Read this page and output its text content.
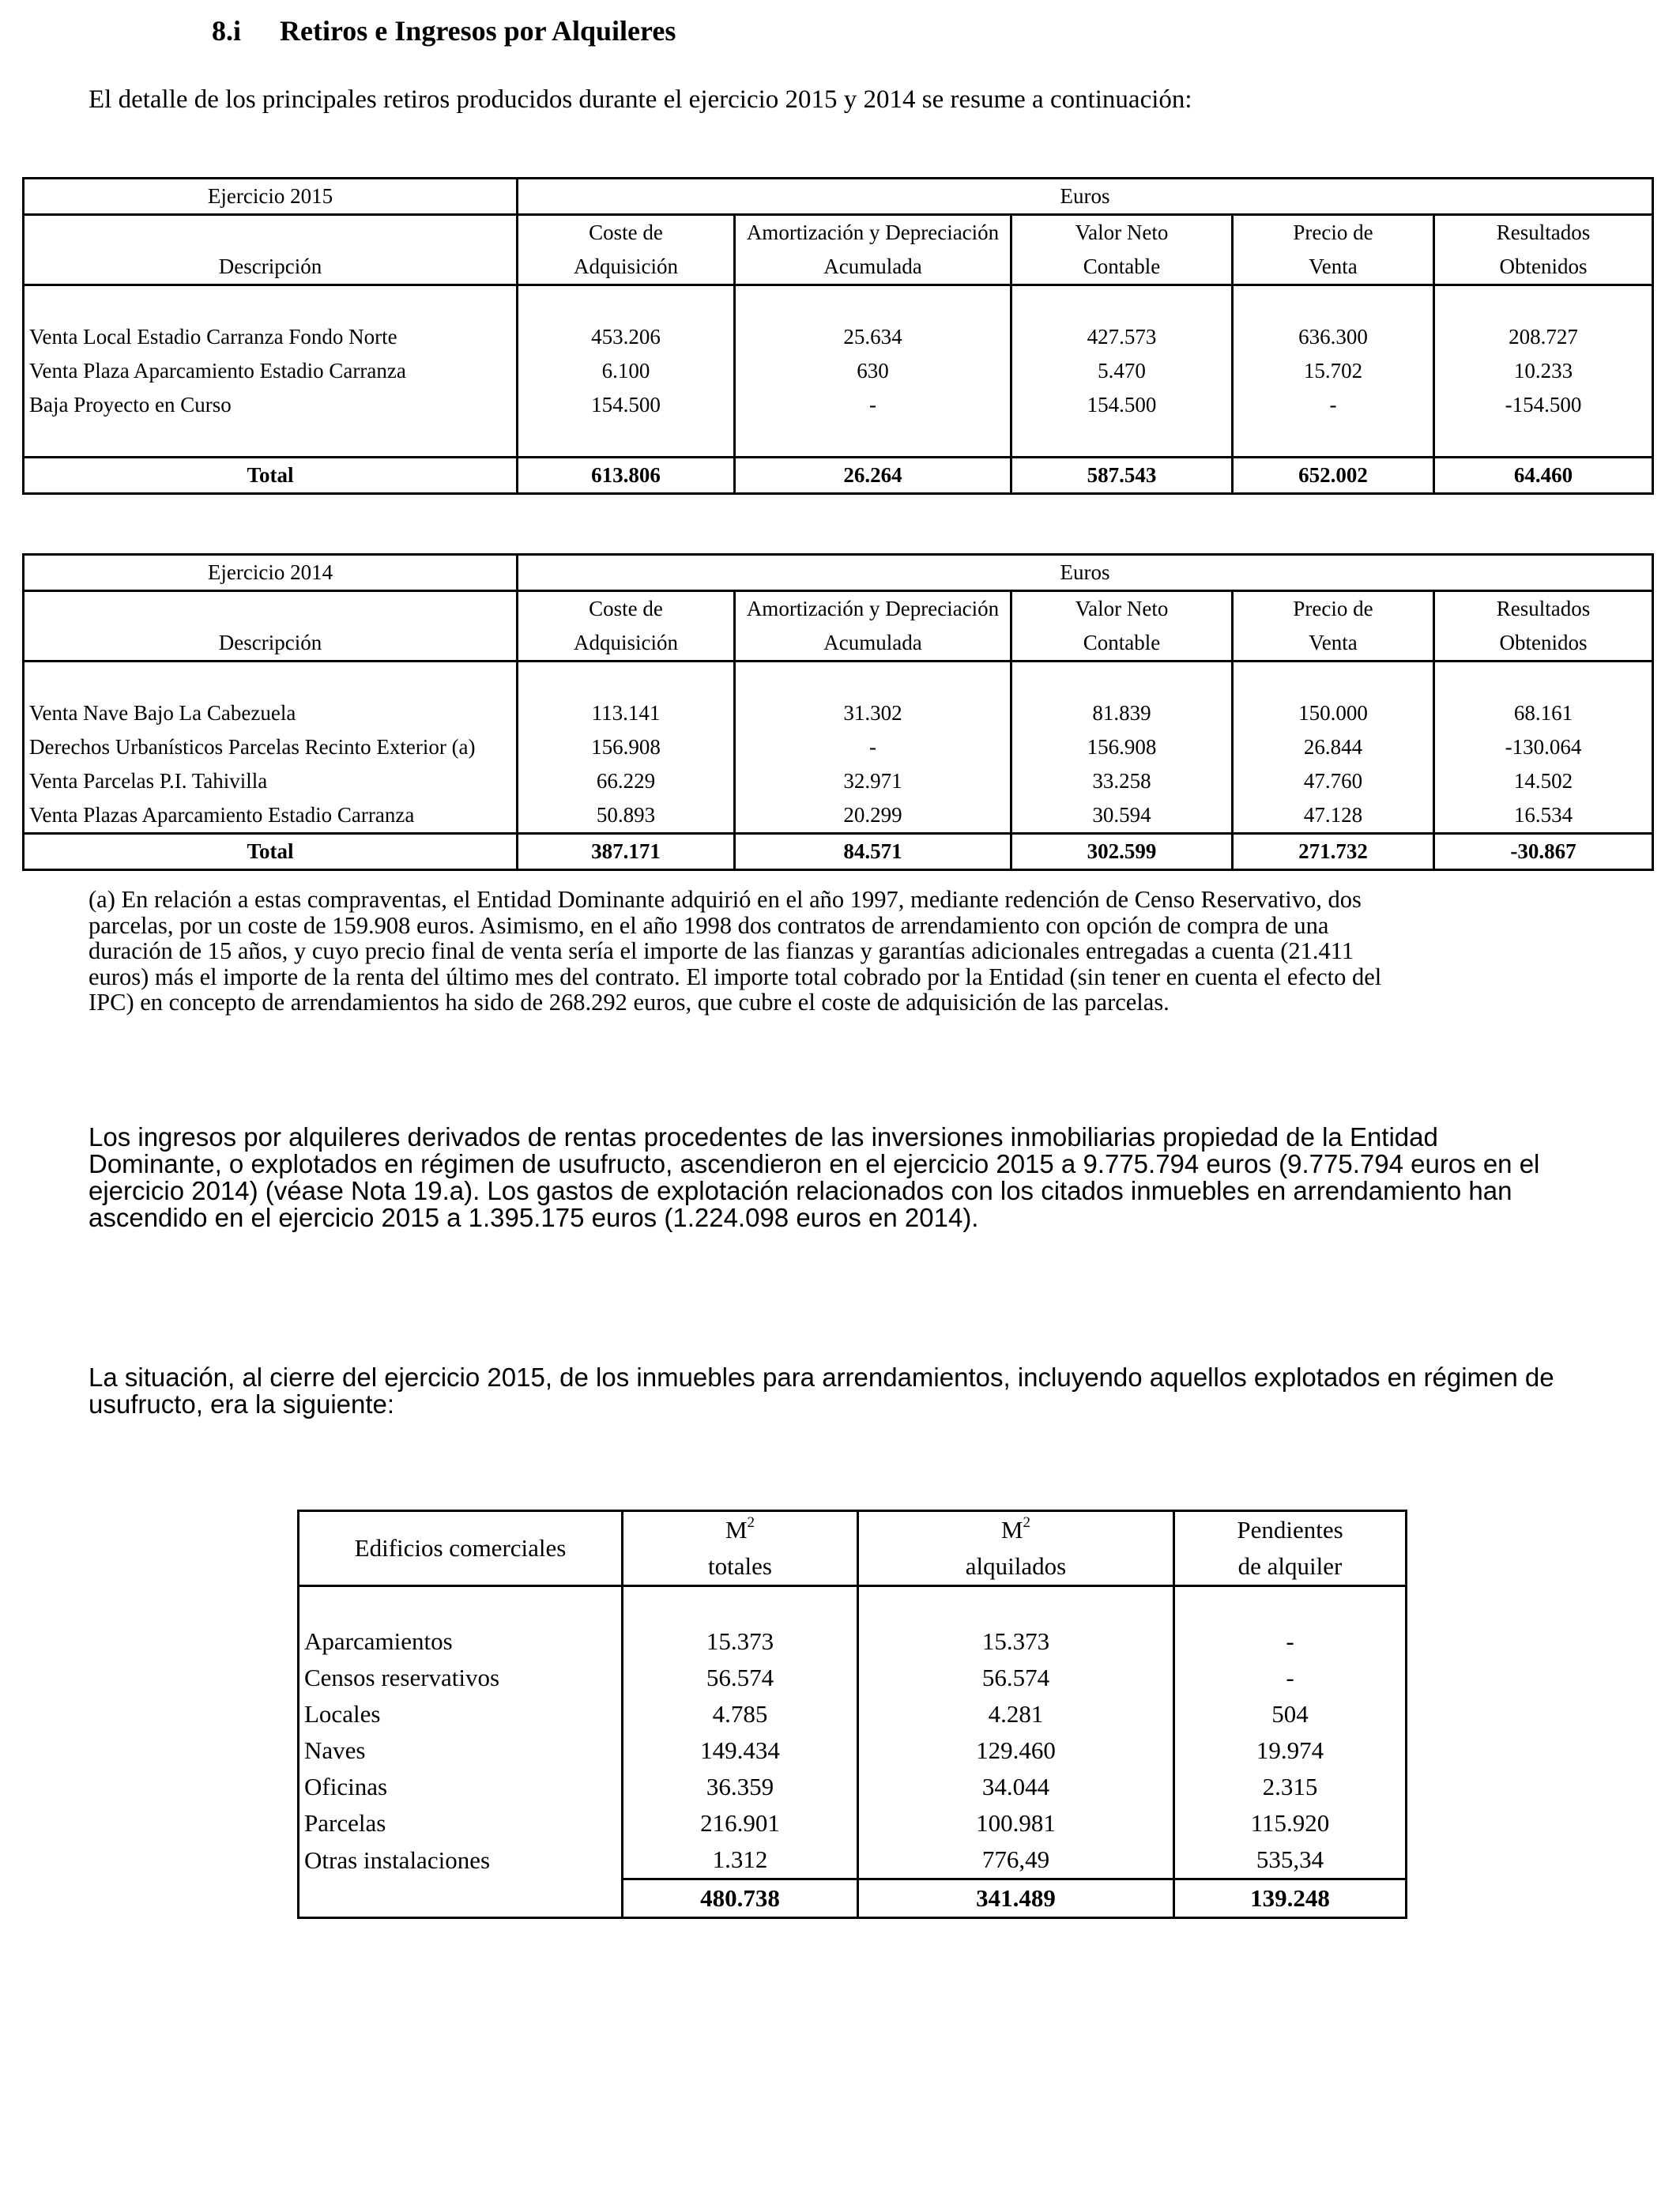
8.i Retiros e Ingresos por Alquileres
El detalle de los principales retiros producidos durante el ejercicio 2015 y 2014 se resume a continuación:
Ejercicio 2015	Euros				
	Coste de	Amortización y Depreciación	Valor Neto	Precio de	Resultados
Descripción	Adquisición	Acumulada	Contable	Venta	Obtenidos

Venta Local Estadio Carranza Fondo Norte	453.206	25.634	427.573	636.300	208.727
Venta Plaza Aparcamiento Estadio Carranza	6.100	630	5.470	15.702	10.233
Baja Proyecto en Curso	154.500	-	154.500	-	-154.500

Total	613.806	26.264	587.543	652.002	64.460
Ejercicio 2014	Euros				
	Coste de	Amortización y Depreciación	Valor Neto	Precio de	Resultados
Descripción	Adquisición	Acumulada	Contable	Venta	Obtenidos

Venta Nave Bajo La Cabezuela	113.141	31.302	81.839	150.000	68.161
Derechos Urbanísticos Parcelas Recinto Exterior (a)	156.908	-	156.908	26.844	-130.064
Venta Parcelas P.I. Tahivilla	66.229	32.971	33.258	47.760	14.502
Venta Plazas Aparcamiento Estadio Carranza	50.893	20.299	30.594	47.128	16.534
Total	387.171	84.571	302.599	271.732	-30.867

(a) En relación a estas compraventas, el Entidad Dominante adquirió en el año 1997, mediante redención de Censo Reservativo, dos

parcelas, por un coste de 159.908 euros. Asimismo, en el año 1998 dos contratos de arrendamiento con opción de compra de una

duración de 15 años, y cuyo precio final de venta sería el importe de las fianzas y garantías adicionales entregadas a cuenta (21.411

euros) más el importe de la renta del último mes del contrato. El importe total cobrado por la Entidad (sin tener en cuenta el efecto del

IPC) en concepto de arrendamientos ha sido de 268.292 euros, que cubre el coste de adquisición de las parcelas.

Los ingresos por alquileres derivados de rentas procedentes de las inversiones inmobiliarias propiedad de la Entidad

Dominante, o explotados en régimen de usufructo, ascendieron en el ejercicio 2015 a 9.775.794 euros (9.775.794 euros en el

ejercicio 2014) (véase Nota 19.a). Los gastos de explotación relacionados con los citados inmuebles en arrendamiento han

ascendido en el ejercicio 2015 a 1.395.175 euros (1.224.098 euros en 2014).

La situación, al cierre del ejercicio 2015, de los inmuebles para arrendamientos, incluyendo aquellos explotados en régimen de

usufructo, era la siguiente:

Edificios comerciales	$M^2$	$M^2$	Pendientes
	totales	alquilados	de alquiler

Aparcamientos	15.373	15.373	-
Censos reservativos	56.574	56.574	-
Locales	4.785	4.281	504
Naves	149.434	129.460	19.974
Oficinas	36.359	34.044	2.315
Parcelas	216.901	100.981	115.920
Otras instalaciones	1.312	776,49	535,34
	480.738	341.489	139.248
